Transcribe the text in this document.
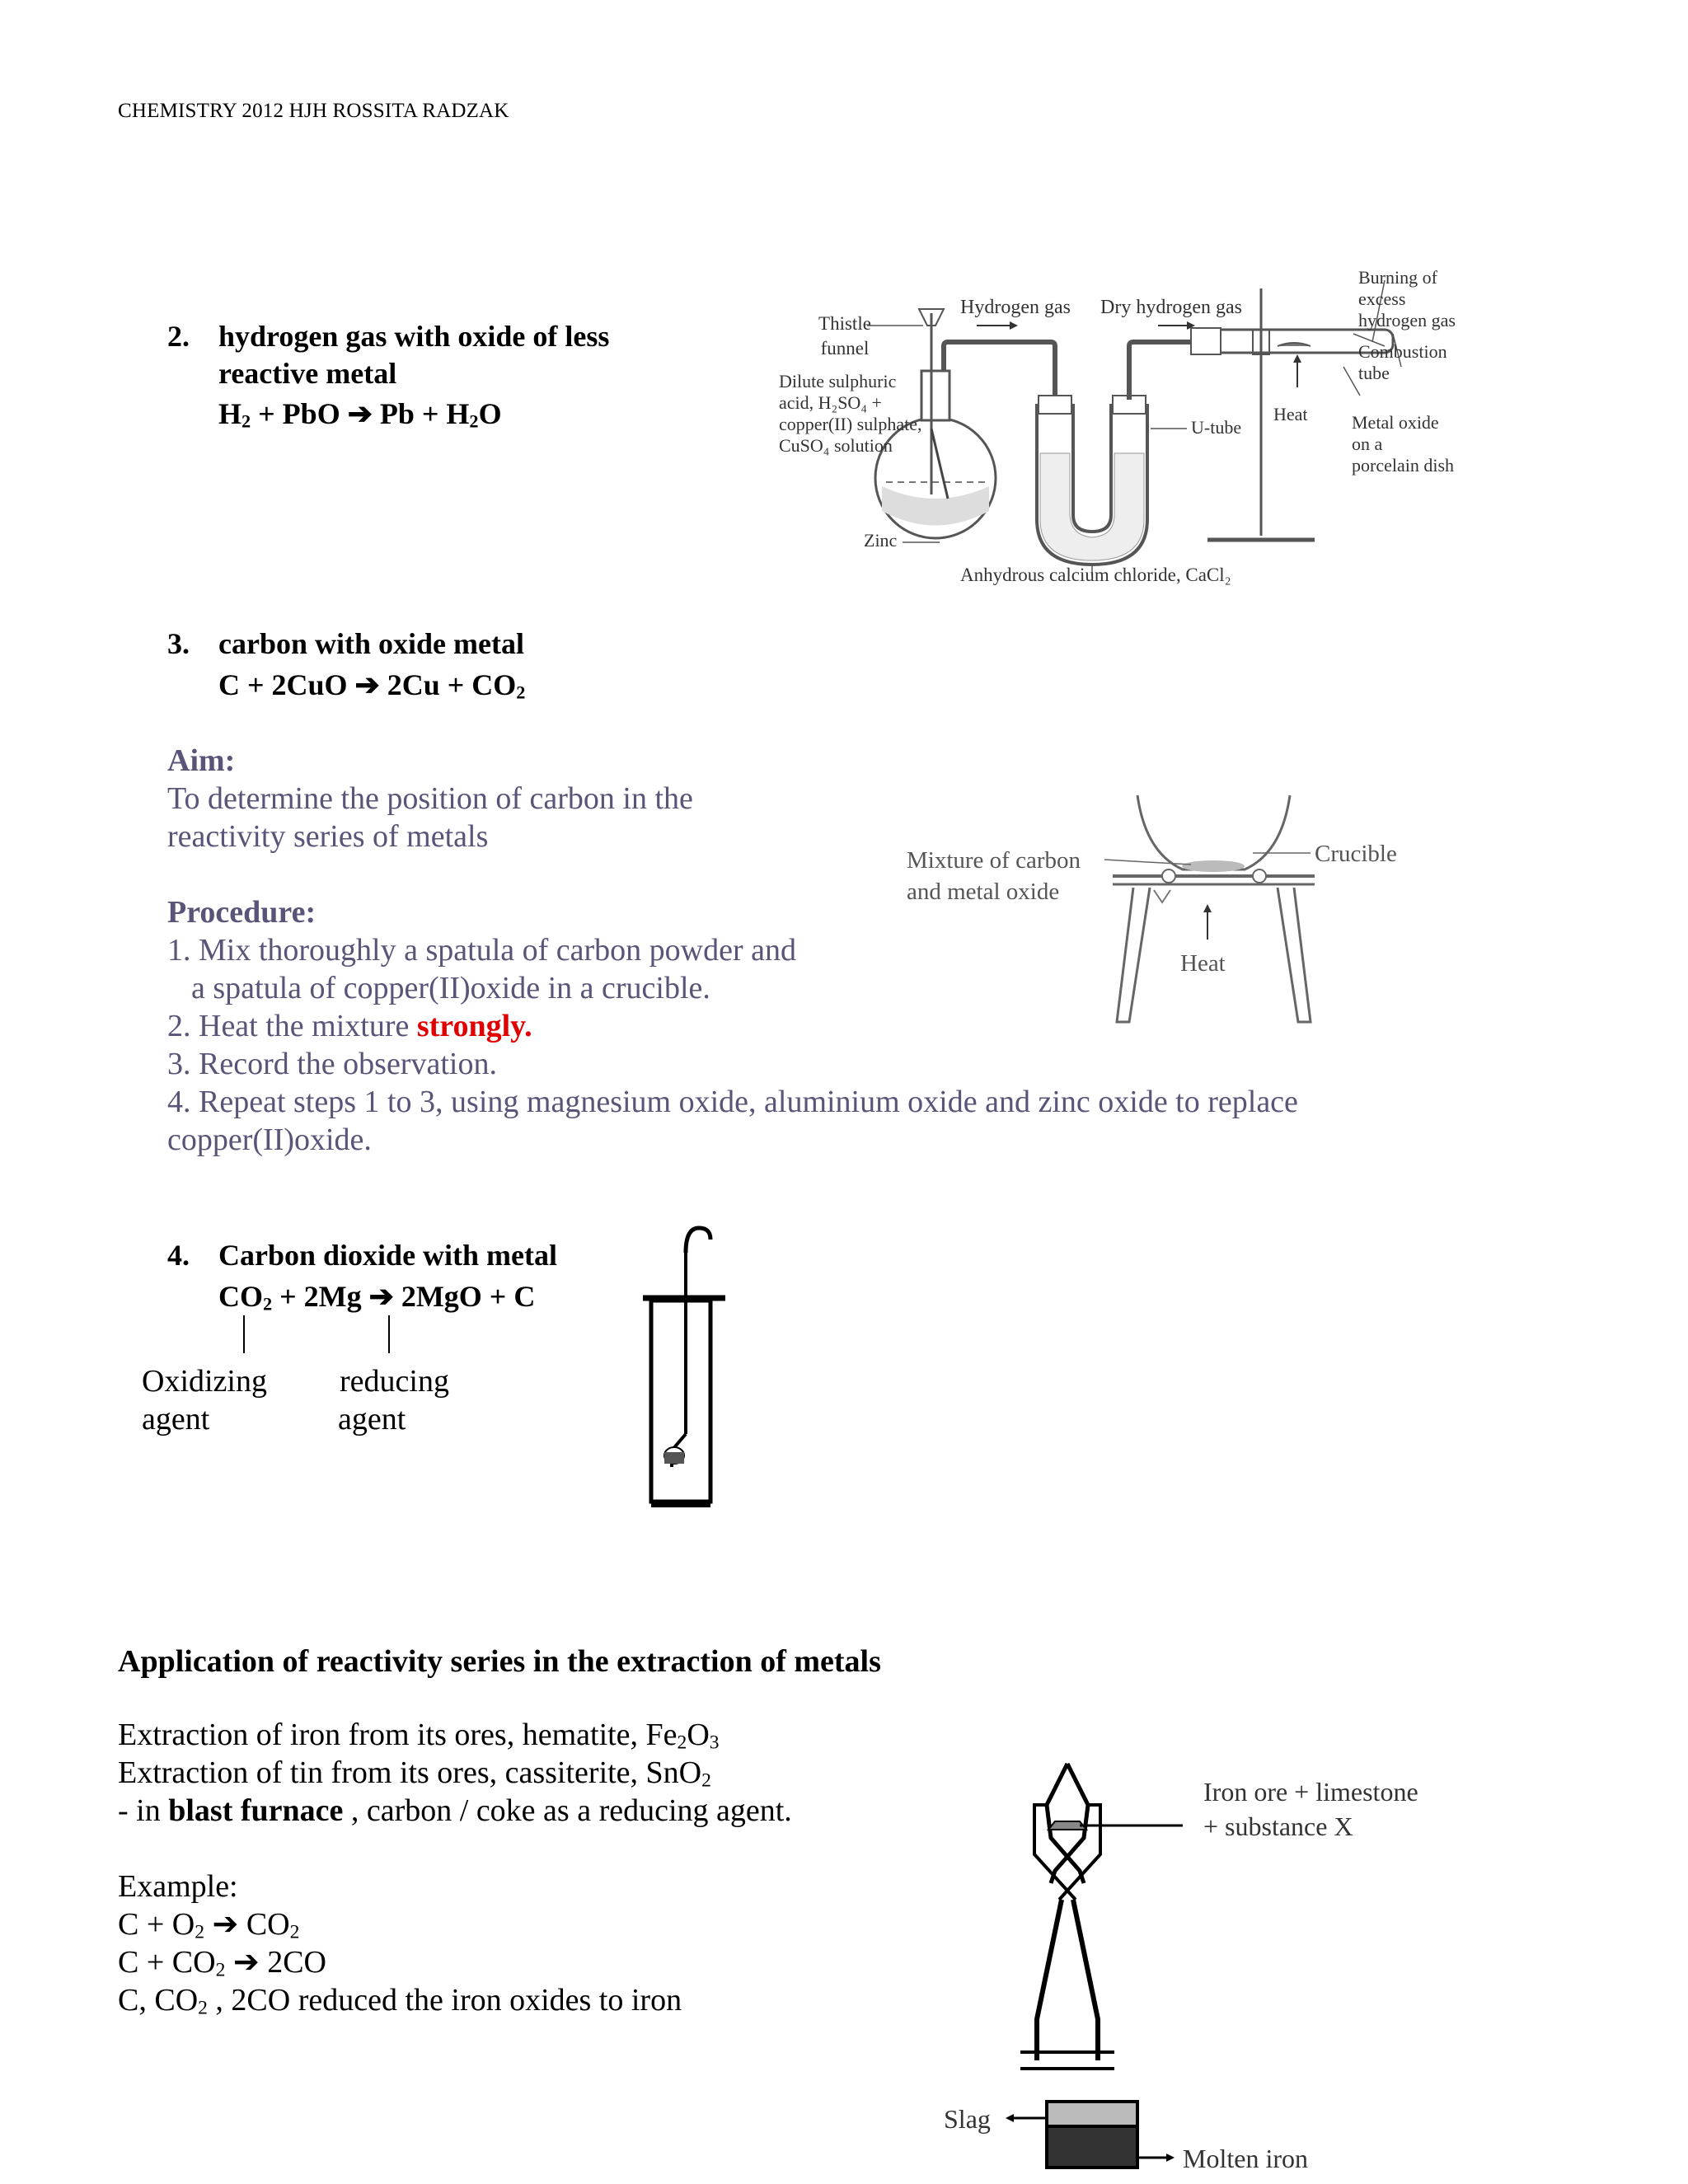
CHEMISTRY 2012 HJH ROSSITA RADZAK
2. hydrogen gas with oxide of less
reactive metal
$H_2$ + PbO ➔ $Pb + H_2O$
Thistle
funnel
Hydrogen gas Dry hydrogen gas
Burning of
excess
hydrogen gas
Combustion
tube
Dilute sulphuric
acid, H₂SO₄ +
copper(II) sulphate,
CuSO₄ solution
U-tube
Heat Metal oxide
on a
porcelain dish
Zinc
Anhydrous calcium chloride, CaCl₂
3. carbon with oxide metal
C + 2CuO ➔ $2Cu + CO_2$
Aim:
To determine the position of carbon in the
reactivity series of metals
Procedure:
1. Mix thoroughly a spatula of carbon powder and
a spatula of copper(II)oxide in a crucible.
2. Heat the mixture strongly.
3. Record the observation.
4. Repeat steps 1 to 3, using magnesium oxide, aluminium oxide and zinc oxide to replace
copper(II)oxide.
Mixture of carbon
and metal oxide
Crucible
Heat
4. Carbon dioxide with metal
$CO_2 + 2Mg$ ➔ 2MgO + C
Oxidizing
agent
reducing
agent
Application of reactivity series in the extraction of metals
Extraction of iron from its ores, hematite, $Fe_2O_3$
Extraction of tin from its ores, cassiterite, SnO$_2$
- in blast furnace , carbon / coke as a reducing agent.
Example:
$C + O_2$ ➔ $CO_2$
$C + CO_2$ ➔ 2CO
C, $CO_2$ , 2CO reduced the iron oxides to iron
Iron ore + limestone
+ substance X
Slag
Molten iron
